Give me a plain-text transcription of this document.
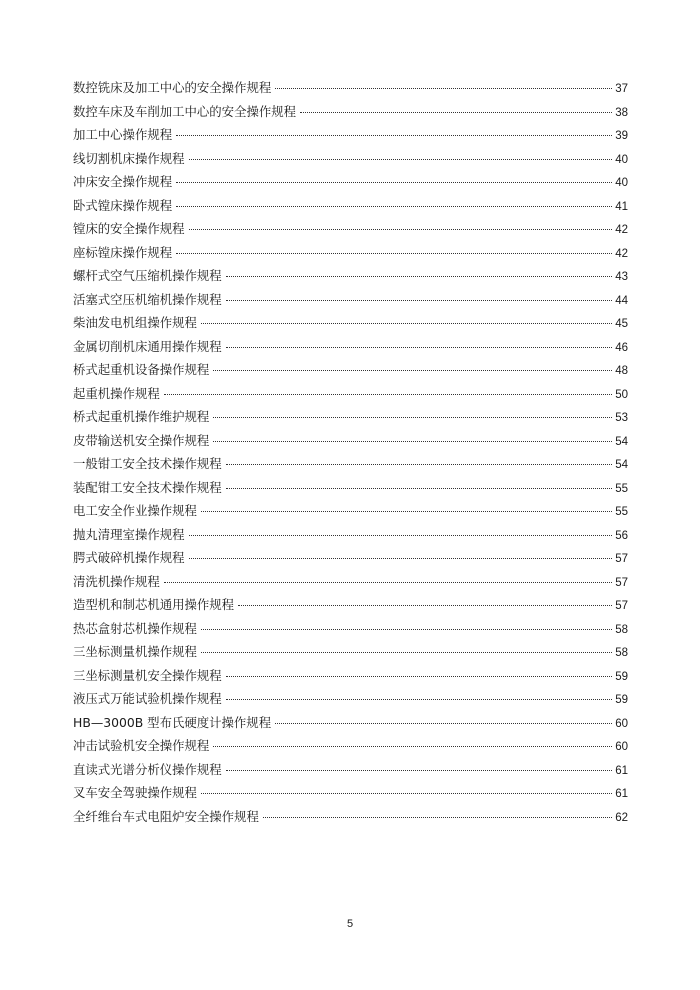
数控铣床及加工中心的安全操作规程	37
数控车床及车削加工中心的安全操作规程	38
加工中心操作规程	39
线切割机床操作规程	40
冲床安全操作规程	40
卧式镗床操作规程	41
镗床的安全操作规程	42
座标镗床操作规程	42
螺杆式空气压缩机操作规程	43
活塞式空压机缩机操作规程	44
柴油发电机组操作规程	45
金属切削机床通用操作规程	46
桥式起重机设备操作规程	48
起重机操作规程	50
桥式起重机操作维护规程	53
皮带输送机安全操作规程	54
一般钳工安全技术操作规程	54
装配钳工安全技术操作规程	55
电工安全作业操作规程	55
抛丸清理室操作规程	56
腭式破碎机操作规程	57
清洗机操作规程	57
造型机和制芯机通用操作规程	57
热芯盒射芯机操作规程	58
三坐标测量机操作规程	58
三坐标测量机安全操作规程	59
液压式万能试验机操作规程	59
HB—3000B 型布氏硬度计操作规程	60
冲击试验机安全操作规程	60
直读式光谱分析仪操作规程	61
叉车安全驾驶操作规程	61
全纤维台车式电阻炉安全操作规程	62
5
